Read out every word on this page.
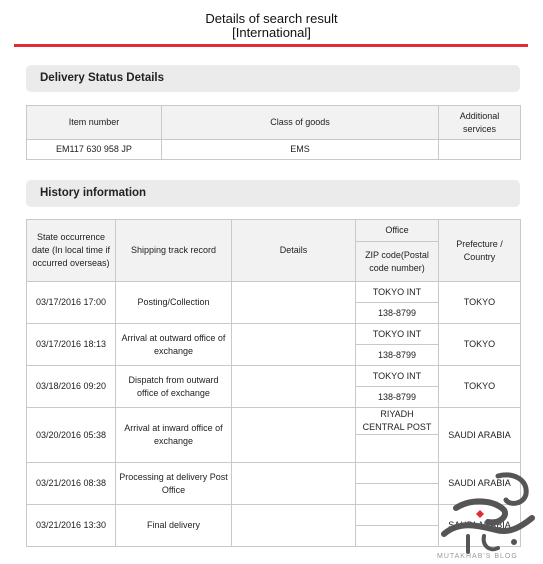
Details of search result
[International]
Delivery Status Details
Item number	Class of goods	Additional services
EM117 630 958 JP	EMS	
History information
State occurrence date (In local time if occurred overseas)	Shipping track record	Details	Office	Prefecture / Country
			ZIP code(Postal code number)	
03/17/2016 17:00	Posting/Collection		TOKYO INT	TOKYO
			138-8799	
03/17/2016 18:13	Arrival at outward office of exchange		TOKYO INT	TOKYO
			138-8799	
03/18/2016 09:20	Dispatch from outward office of exchange		TOKYO INT	TOKYO
			138-8799	
03/20/2016 05:38	Arrival at inward office of exchange		RIYADH CENTRAL POST	SAUDI ARABIA

03/21/2016 08:38	Processing at delivery Post Office			SAUDI ARABIA

03/21/2016 13:30	Final delivery			SAUDI ARABIA

MUTAKHAB'S BLOG
